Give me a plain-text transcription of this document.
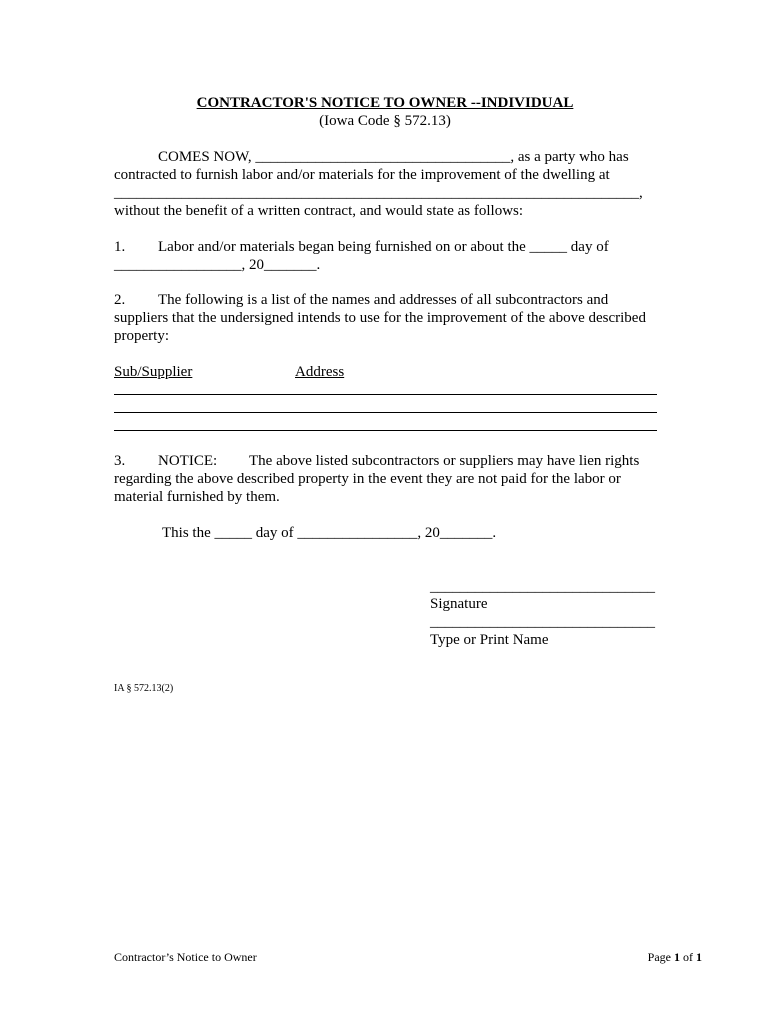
CONTRACTOR'S NOTICE TO OWNER --INDIVIDUAL
(Iowa Code § 572.13)
COMES NOW, __________________________________, as a party who has
contracted to furnish labor and/or materials for the improvement of the dwelling at
______________________________________________________________________,
without the benefit of a written contract, and would state as follows:
1. Labor and/or materials began being furnished on or about the _____ day of
_________________, 20_______.
2. The following is a list of the names and addresses of all subcontractors and
suppliers that the undersigned intends to use for the improvement of the above described
property:
Sub/Supplier	Address
3. NOTICE: The above listed subcontractors or suppliers may have lien rights
regarding the above described property in the event they are not paid for the labor or
material furnished by them.
This the _____ day of ________________, 20_______.
______________________________
Signature
______________________________
Type or Print Name
IA § 572.13(2)
Contractor’s Notice to Owner	Page 1 of 1
